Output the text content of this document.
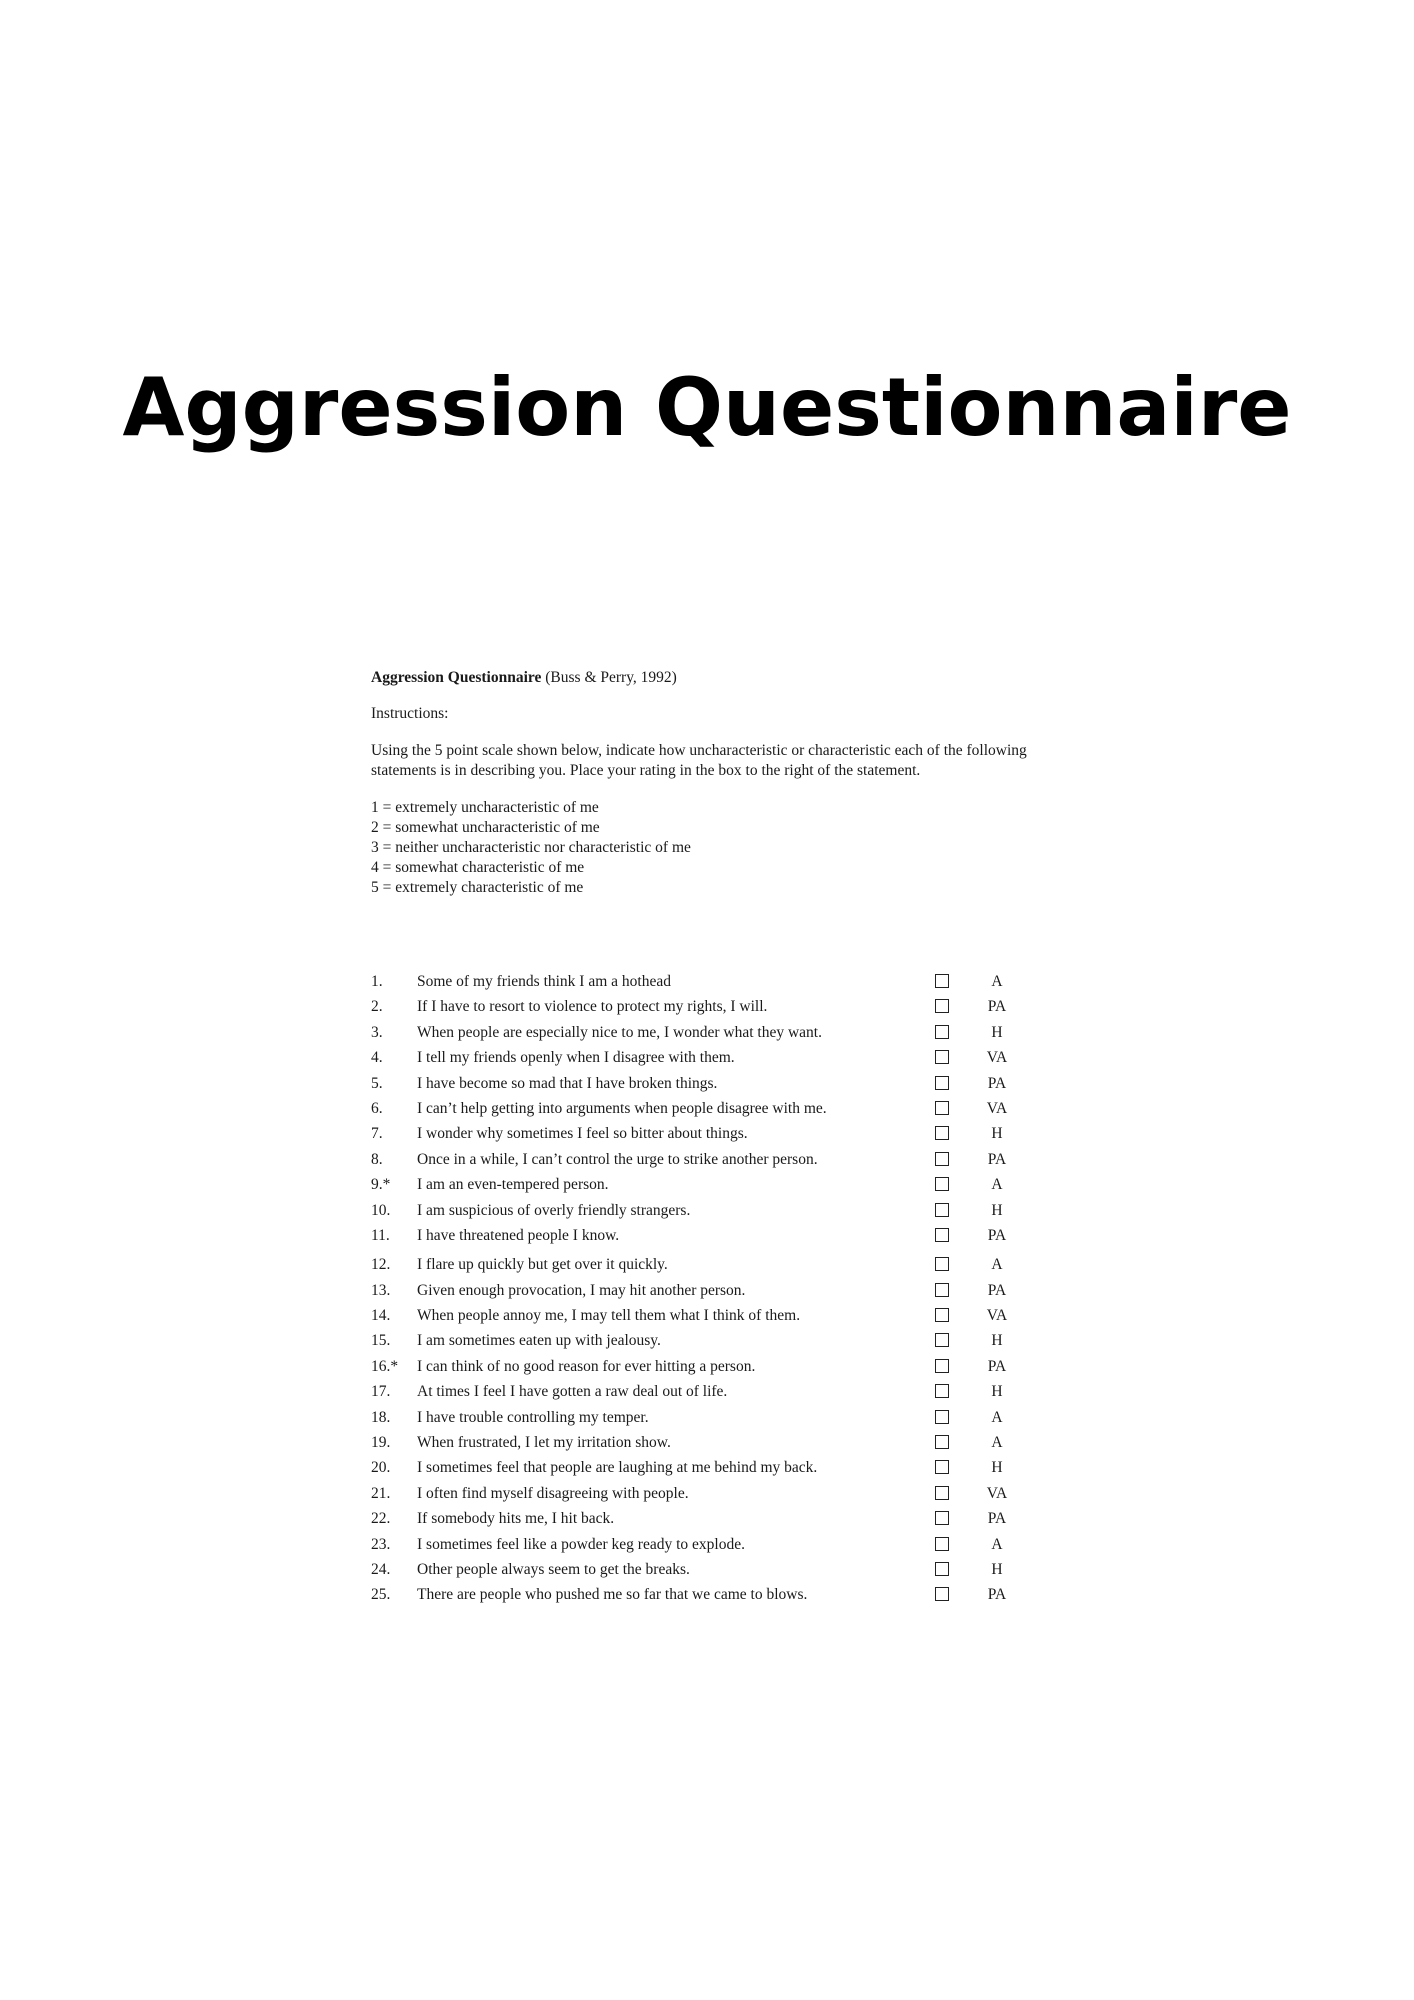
Aggression Questionnaire
Aggression Questionnaire (Buss & Perry, 1992)
Instructions:
Using the 5 point scale shown below, indicate how uncharacteristic or characteristic each of the following statements is in describing you. Place your rating in the box to the right of the statement.
1 = extremely uncharacteristic of me
2 = somewhat uncharacteristic of me
3 = neither uncharacteristic nor characteristic of me
4 = somewhat characteristic of me
5 = extremely characteristic of me
1.	Some of my friends think I am a hothead	A
2.	If I have to resort to violence to protect my rights, I will.	PA
3.	When people are especially nice to me, I wonder what they want.	H
4.	I tell my friends openly when I disagree with them.	VA
5.	I have become so mad that I have broken things.	PA
6.	I can’t help getting into arguments when people disagree with me.	VA
7.	I wonder why sometimes I feel so bitter about things.	H
8.	Once in a while, I can’t control the urge to strike another person.	PA
9.*	I am an even-tempered person.	A
10.	I am suspicious of overly friendly strangers.	H
11.	I have threatened people I know.	PA
12.	I flare up quickly but get over it quickly.	A
13.	Given enough provocation, I may hit another person.	PA
14.	When people annoy me, I may tell them what I think of them.	VA
15.	I am sometimes eaten up with jealousy.	H
16.*	I can think of no good reason for ever hitting a person.	PA
17.	At times I feel I have gotten a raw deal out of life.	H
18.	I have trouble controlling my temper.	A
19.	When frustrated, I let my irritation show.	A
20.	I sometimes feel that people are laughing at me behind my back.	H
21.	I often find myself disagreeing with people.	VA
22.	If somebody hits me, I hit back.	PA
23.	I sometimes feel like a powder keg ready to explode.	A
24.	Other people always seem to get the breaks.	H
25.	There are people who pushed me so far that we came to blows.	PA
